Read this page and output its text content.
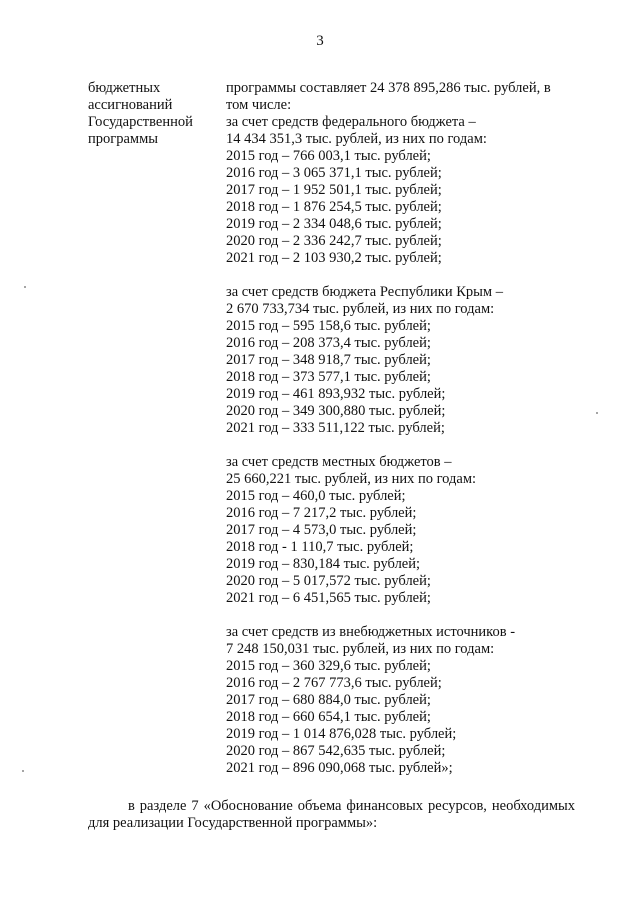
3
бюджетных
ассигнований
Государственной
программы
программы составляет 24 378 895,286 тыс. рублей, в
том числе:
за счет средств федерального бюджета –
14 434 351,3 тыс. рублей, из них по годам:
2015 год – 766 003,1 тыс. рублей;
2016 год – 3 065 371,1 тыс. рублей;
2017 год – 1 952 501,1 тыс. рублей;
2018 год – 1 876 254,5 тыс. рублей;
2019 год – 2 334 048,6 тыс. рублей;
2020 год – 2 336 242,7 тыс. рублей;
2021 год – 2 103 930,2 тыс. рублей;
за счет средств бюджета Республики Крым –
2 670 733,734 тыс. рублей, из них по годам:
2015 год – 595 158,6 тыс. рублей;
2016 год – 208 373,4 тыс. рублей;
2017 год – 348 918,7 тыс. рублей;
2018 год – 373 577,1 тыс. рублей;
2019 год – 461 893,932 тыс. рублей;
2020 год – 349 300,880 тыс. рублей;
2021 год – 333 511,122 тыс. рублей;
за счет средств местных бюджетов –
25 660,221 тыс. рублей, из них по годам:
2015 год – 460,0 тыс. рублей;
2016 год – 7 217,2 тыс. рублей;
2017 год – 4 573,0 тыс. рублей;
2018 год - 1 110,7 тыс. рублей;
2019 год – 830,184 тыс. рублей;
2020 год – 5 017,572 тыс. рублей;
2021 год – 6 451,565 тыс. рублей;
за счет средств из внебюджетных источников -
7 248 150,031 тыс. рублей, из них по годам:
2015 год – 360 329,6 тыс. рублей;
2016 год – 2 767 773,6 тыс. рублей;
2017 год – 680 884,0 тыс. рублей;
2018 год – 660 654,1 тыс. рублей;
2019 год – 1 014 876,028 тыс. рублей;
2020 год – 867 542,635 тыс. рублей;
2021 год – 896 090,068 тыс. рублей»;
в разделе 7 «Обоснование объема финансовых ресурсов, необходимых
для реализации Государственной программы»:
